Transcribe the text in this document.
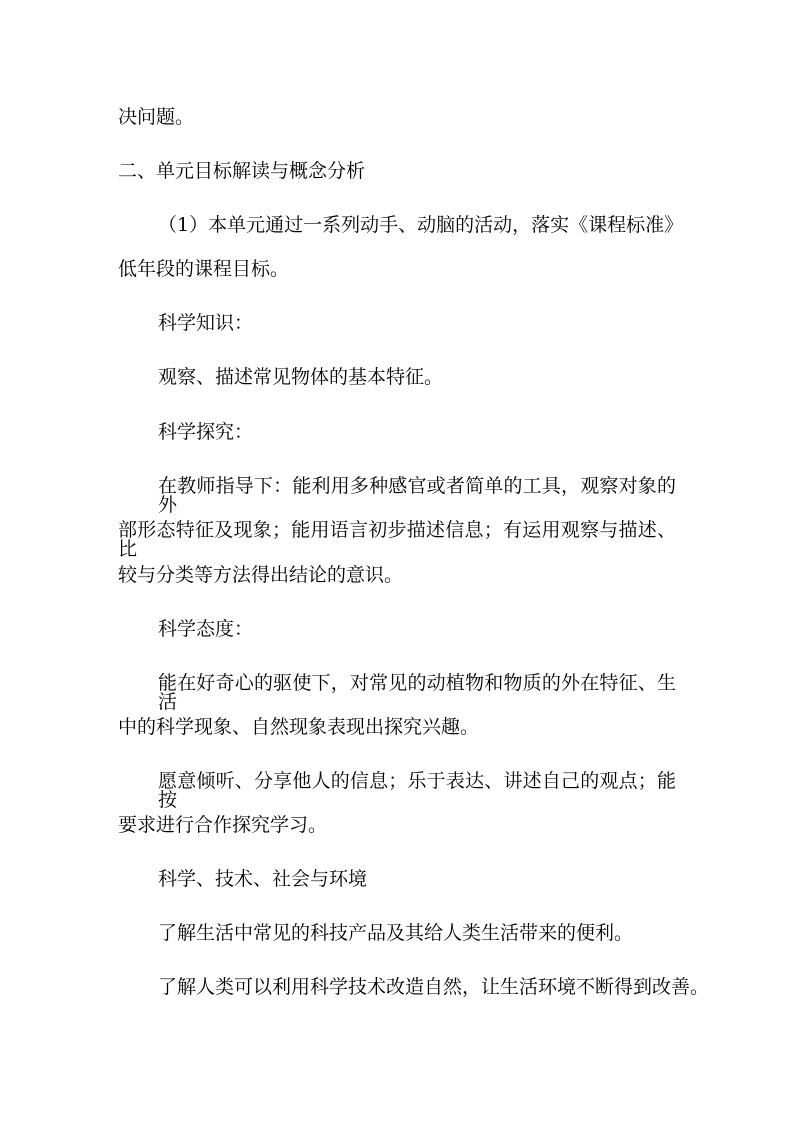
决问题。
二、单元目标解读与概念分析
（1）本单元通过一系列动手、动脑的活动，落实《课程标准》
低年段的课程目标。
科学知识：
观察、描述常见物体的基本特征。
科学探究：
在教师指导下：能利用多种感官或者简单的工具，观察对象的外
部形态特征及现象；能用语言初步描述信息；有运用观察与描述、比
较与分类等方法得出结论的意识。
科学态度：
能在好奇心的驱使下，对常见的动植物和物质的外在特征、生活
中的科学现象、自然现象表现出探究兴趣。
愿意倾听、分享他人的信息；乐于表达、讲述自己的观点；能按
要求进行合作探究学习。
科学、技术、社会与环境
了解生活中常见的科技产品及其给人类生活带来的便利。
了解人类可以利用科学技术改造自然，让生活环境不断得到改善。
